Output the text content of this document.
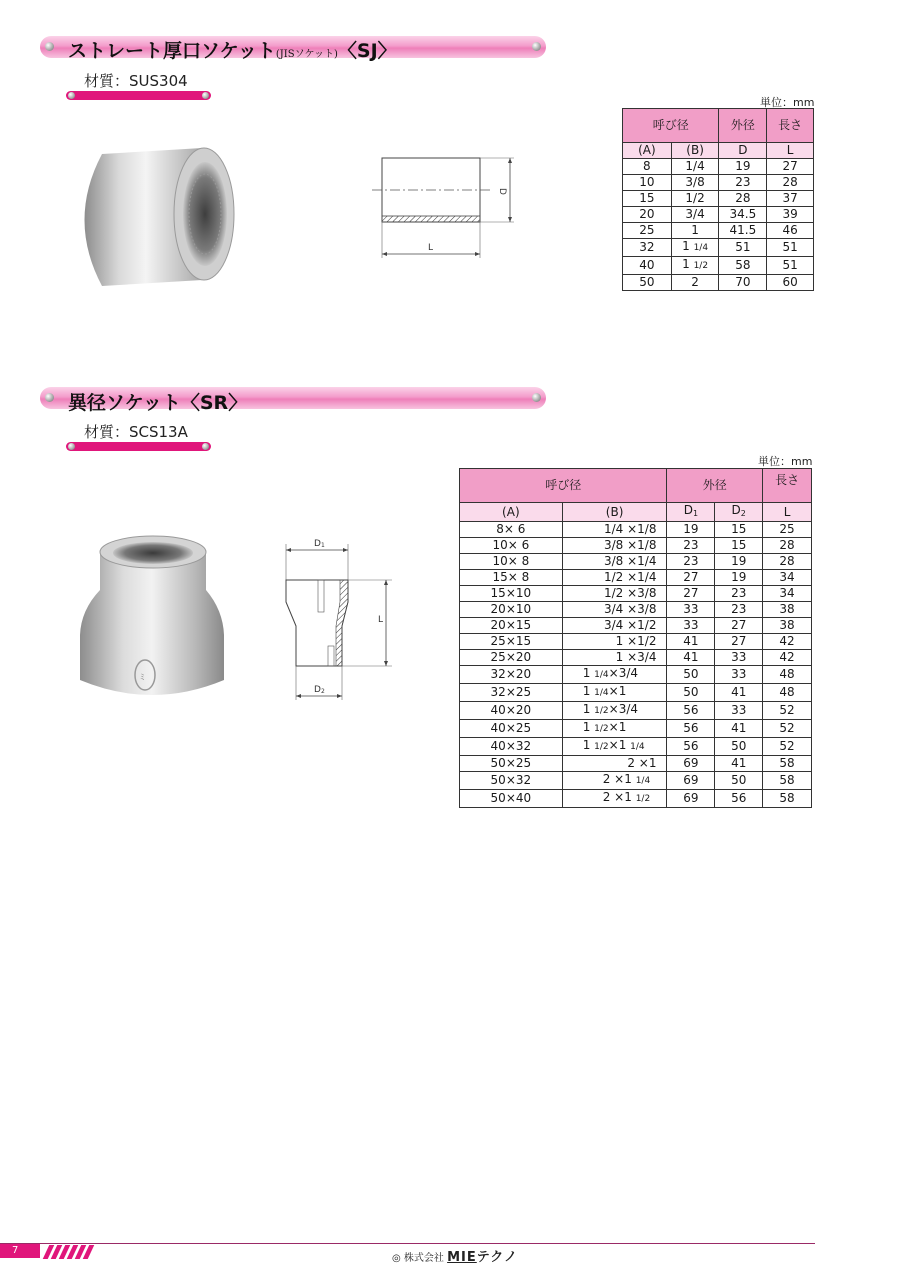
ストレート厚口ソケット(JISソケット)〈SJ〉
材質：SUS304
D
L
単位：mm
呼び径		外径	長さ
(A)	(B)	D	L
8	1/4	19	27
10	3/8	23	28
15	1/2	28	37
20	3/4	34.5	39
25	1	41.5	46
32	1 1/4	51	51
40	1 1/2	58	51
50	2	70	60
異径ソケット〈SR〉
材質：SCS13A
ﾐ
D1
L
D2
単位：mm
呼び径		外径		長さ
(A)	(B)	$D_1$	$D_2$	L
8× 6	1/4 ×1/8	19	15	25
10× 6	3/8 ×1/8	23	15	28
10× 8	3/8 ×1/4	23	19	28
15× 8	1/2 ×1/4	27	19	34
15×10	1/2 ×3/8	27	23	34
20×10	3/4 ×3/8	33	23	38
20×15	3/4 ×1/2	33	27	38
25×15	1 ×1/2	41	27	42
25×20	1 ×3/4	41	33	42
32×20	1 1/4×3/4	50	33	48
32×25	1 1/4×1	50	41	48
40×20	1 1/2×3/4	56	33	52
40×25	1 1/2×1	56	41	52
40×32	1 1/2×1 1/4	56	50	52
50×25	2 ×1	69	41	58
50×32	2 ×1 1/4	69	50	58
50×40	2 ×1 1/2	69	56	58
7
◎ 株式会社 MIEテクノ
